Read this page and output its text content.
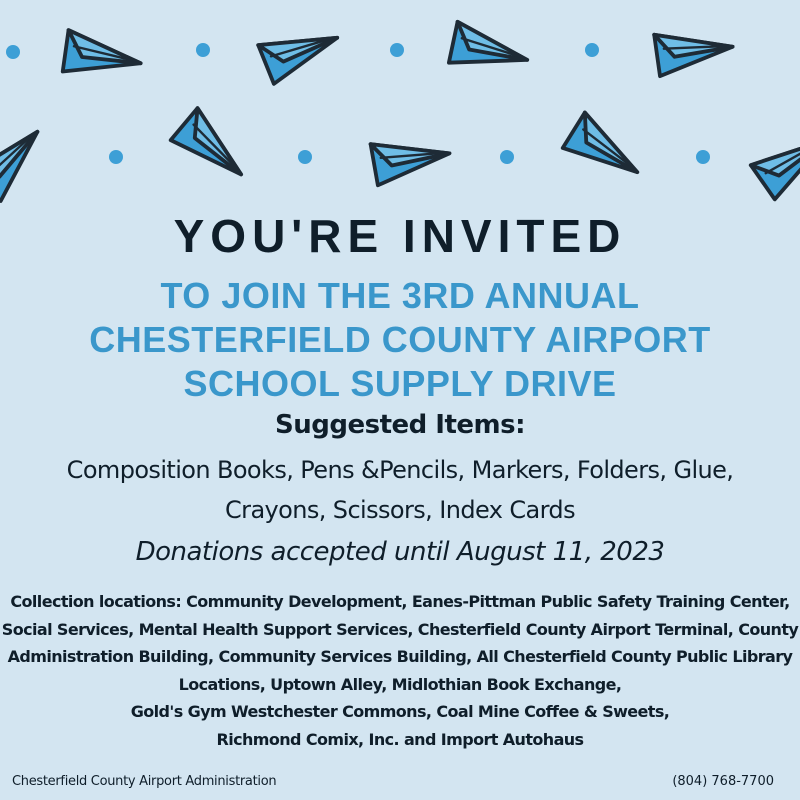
YOU'RE INVITED
TO JOIN THE 3RD ANNUAL
CHESTERFIELD COUNTY AIRPORT
SCHOOL SUPPLY DRIVE
Suggested Items:
Composition Books, Pens &Pencils, Markers, Folders, Glue,
Crayons, Scissors, Index Cards
Donations accepted until August 11, 2023
Collection locations: Community Development, Eanes-Pittman Public Safety Training Center,
Social Services, Mental Health Support Services, Chesterfield County Airport Terminal, County
Administration Building, Community Services Building, All Chesterfield County Public Library
Locations, Uptown Alley, Midlothian Book Exchange,
Gold's Gym Westchester Commons, Coal Mine Coffee & Sweets,
Richmond Comix, Inc. and Import Autohaus
Chesterfield County Airport Administration	(804) 768-7700
